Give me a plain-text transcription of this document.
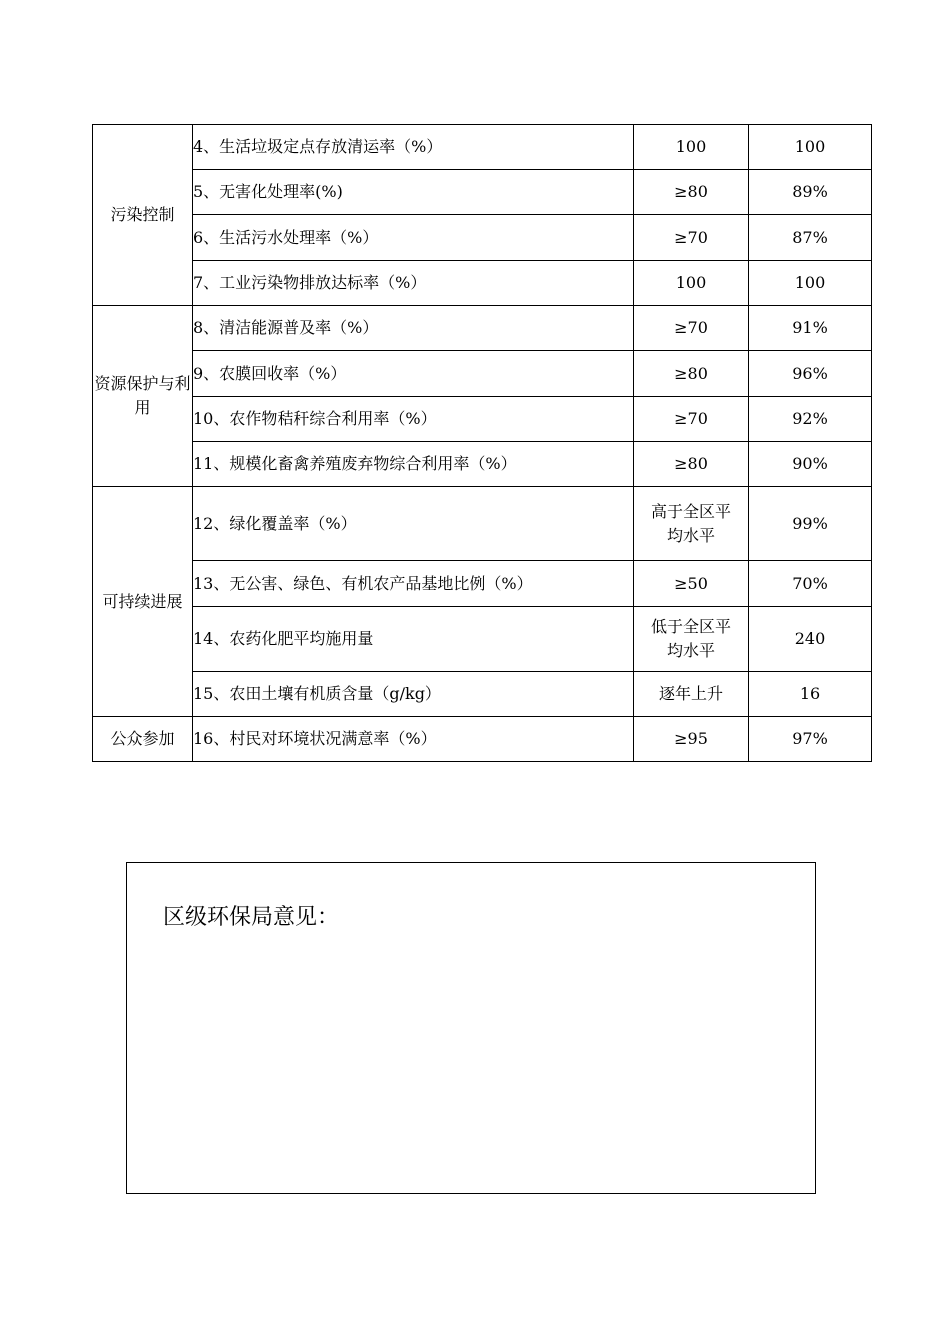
污染控制	4、生活垃圾定点存放清运率（%）	100	100
	5、无害化处理率(%)	≥80	89%
	6、生活污水处理率（%）	≥70	87%
	7、工业污染物排放达标率（%）	100	100
资源保护与利用	8、清洁能源普及率（%）	≥70	91%
	9、农膜回收率（%）	≥80	96%
	10、农作物秸秆综合利用率（%）	≥70	92%
	11、规模化畜禽养殖废弃物综合利用率（%）	≥80	90%
可持续进展	12、绿化覆盖率（%）	高于全区平均水平	99%
	13、无公害、绿色、有机农产品基地比例（%）	≥50	70%
	14、农药化肥平均施用量	低于全区平均水平	240
	15、农田土壤有机质含量（g/kg）	逐年上升	16
公众参加	16、村民对环境状况满意率（%）	≥95	97%
区级环保局意见：
